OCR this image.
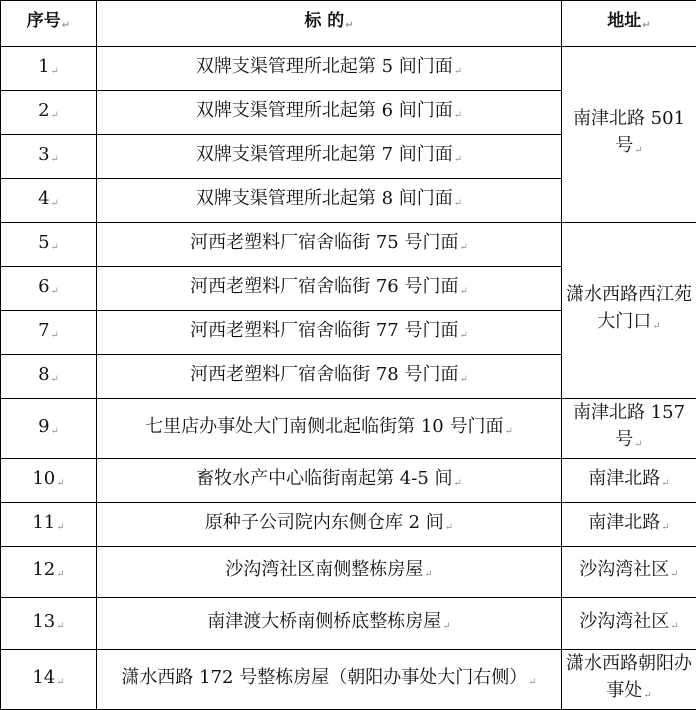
序号↵	标 的↵	地址↵
1↵	双牌支渠管理所北起第 5 间门面↵	南津北路 501 号↵
2↵	双牌支渠管理所北起第 6 间门面↵	
3↵	双牌支渠管理所北起第 7 间门面↵	
4↵	双牌支渠管理所北起第 8 间门面↵	
5↵	河西老塑料厂宿舍临街 75 号门面↵	潇水西路西江苑大门口↵
6↵	河西老塑料厂宿舍临街 76 号门面↵	
7↵	河西老塑料厂宿舍临街 77 号门面↵	
8↵	河西老塑料厂宿舍临街 78 号门面↵	
9↵	七里店办事处大门南侧北起临街第 10 号门面↵	南津北路 157 号↵
10↵	畜牧水产中心临街南起第 4-5 间↵	南津北路↵
11↵	原种子公司院内东侧仓库 2 间↵	南津北路↵
12↵	沙沟湾社区南侧整栋房屋↵	沙沟湾社区↵
13↵	南津渡大桥南侧桥底整栋房屋↵	沙沟湾社区↵
14↵	潇水西路 172 号整栋房屋（朝阳办事处大门右侧）↵	潇水西路朝阳办事处↵
